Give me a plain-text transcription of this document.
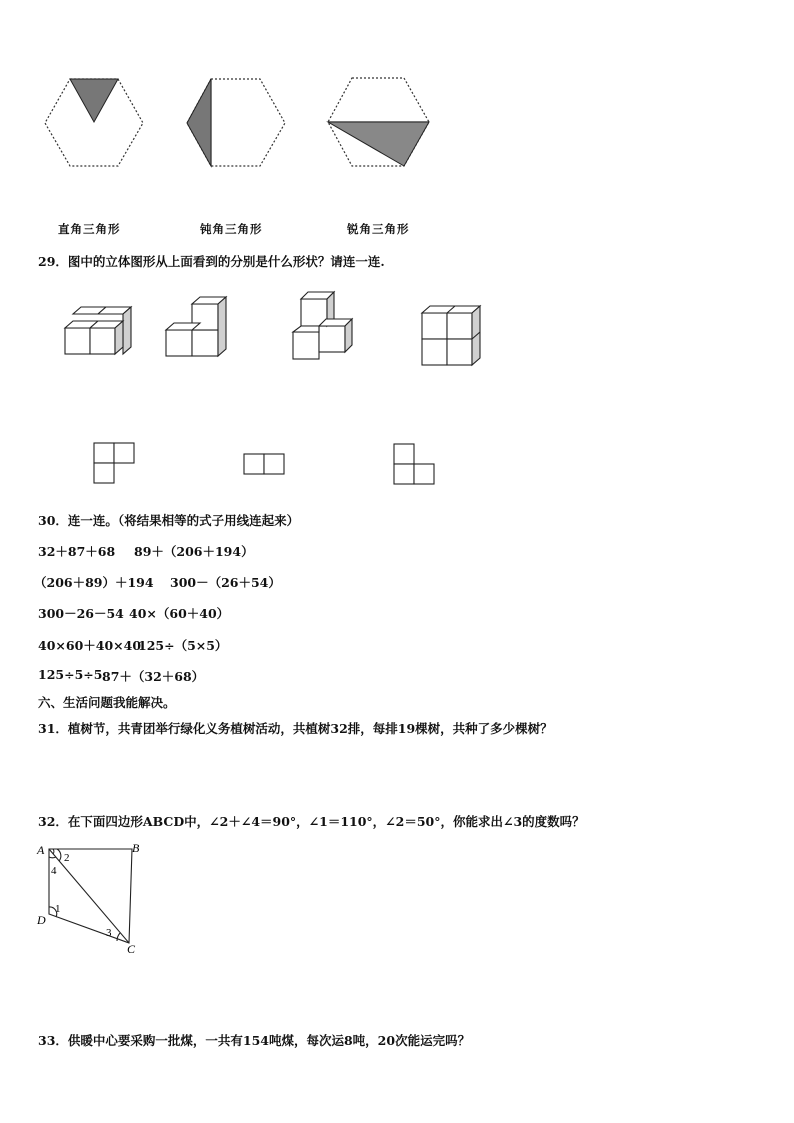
直角三角形	钝角三角形	锐角三角形
29．图中的立体图形从上面看到的分别是什么形状？请连一连.
30．连一连。（将结果相等的式子用线连起来）
32＋87＋68 89＋（206＋194）
（206＋89）＋194 300－（26＋54）
300－26－54 40×（60＋40）
40×60＋40×40
125÷（5×5）
125÷5÷5 87＋（32＋68）
六、生活问题我能解决。
31．植树节，共青团举行绿化义务植树活动，共植树32排，每排19棵树，共种了多少棵树？
32．在下面四边形ABCD中，∠2＋∠4＝90°，∠1＝110°，∠2＝50°，你能求出∠3的度数吗？
A	B
C
D
1
2
3
4
33．供暖中心要采购一批煤，一共有154吨煤，每次运8吨，20次能运完吗？
